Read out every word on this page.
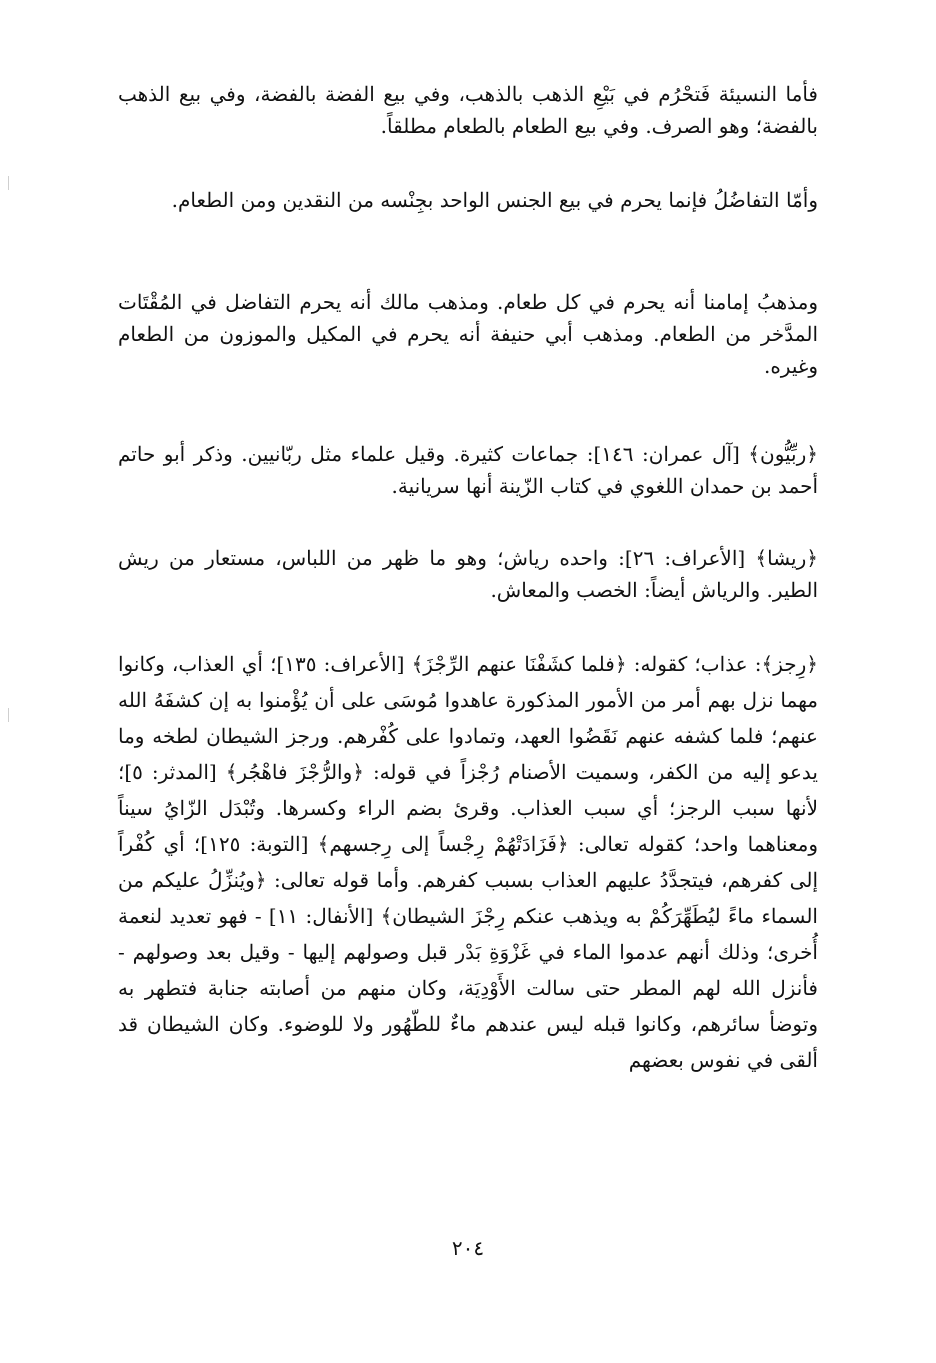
فأما النسيئة فَتحْرُم في بَيْعِ الذهب بالذهب، وفي بيع الفضة بالفضة، وفي بيع الذهب بالفضة؛ وهو الصرف. وفي بيع الطعام بالطعام مطلقاً.

وأمّا التفاضُلُ فإنما يحرم في بيع الجنس الواحد بجِنْسه من النقدين ومن الطعام.

ومذهبُ إمامنا أنه يحرم في كل طعام. ومذهب مالك أنه يحرم التفاضل في المُقْتَات المدَّخر من الطعام. ومذهب أبي حنيفة أنه يحرم في المكيل والموزون من الطعام وغيره.

﴿ربِّيُّون﴾ [آل عمران: ١٤٦]: جماعات كثيرة. وقيل علماء مثل ربّانيين. وذكر أبو حاتم أحمد بن حمدان اللغوي في كتاب الزّينة أنها سريانية.

﴿ريشا﴾ [الأعراف: ٢٦]: واحده رياش؛ وهو ما ظهر من اللباس، مستعار من ريش الطير. والرياش أيضاً: الخصب والمعاش.

﴿رِجز﴾: عذاب؛ كقوله: ﴿فلما كشَفْنَا عنهم الرِّجْزَ﴾ [الأعراف: ١٣٥]؛ أي العذاب، وكانوا مهما نزل بهم أمر من الأمور المذكورة عاهدوا مُوسَى على أن يُؤْمنوا به إن كشفَهُ الله عنهم؛ فلما كشفه عنهم نَقَضُوا العهد، وتمادوا على كُفْرهم. ورجز الشيطان لطخه وما يدعو إليه من الكفر، وسميت الأصنام رُجْزاً في قوله: ﴿والرُّجْزَ فاهْجُر﴾ [المدثر: ٥]؛ لأنها سبب الرجز؛ أي سبب العذاب. وقرئ بضم الراء وكسرها. وتُبْدَل الزّايُ سيناً ومعناهما واحد؛ كقوله تعالى: ﴿فَزَادَتْهُمْ رِجْساً إلى رِجسهم﴾ [التوبة: ١٢٥]؛ أي كُفْراً إلى كفرهم، فيتجدَّدُ عليهم العذاب بسبب كفرهم. وأما قوله تعالى: ﴿ويُنزِّلُ عليكم من السماء ماءً ليُطَهِّرَكُمْ به ويذهب عنكم رِجْزَ الشيطان﴾ [الأنفال: ١١] - فهو تعديد لنعمة أُخرى؛ وذلك أنهم عدموا الماء في غَزْوَةِ بَدْر قبل وصولهم إليها - وقيل بعد وصولهم - فأنزل الله لهم المطر حتى سالت الأَوْدِيَة، وكان منهم من أصابته جنابة فتطهر به وتوضأ سائرهم، وكانوا قبله ليس عندهم ماءٌ للطّهُور ولا للوضوء. وكان الشيطان قد ألقى في نفوس بعضهم

٢٠٤
